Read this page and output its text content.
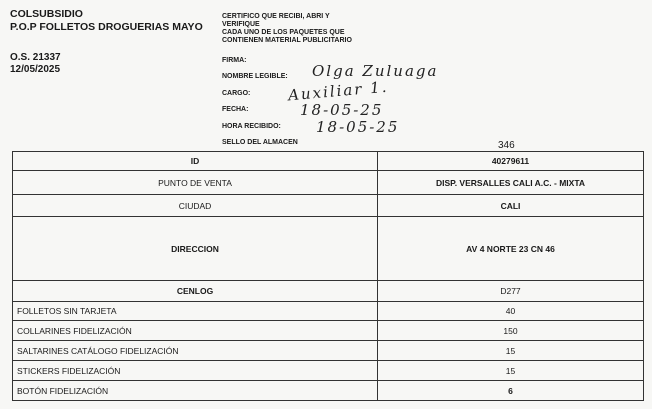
COLSUBSIDIO
P.O.P FOLLETOS DROGUERIAS MAYO
O.S. 21337
12/05/2025

CERTIFICO QUE RECIBI, ABRI Y

VERIFIQUE

CADA UNO DE LOS PAQUETES QUE

CONTIENEN MATERIAL PUBLICITARIO

FIRMA:
NOMBRE LEGIBLE:
CARGO:
FECHA:
HORA RECIBIDO:
SELLO DEL ALMACEN
Olga Zuluaga
Auxiliar 1.
18-05-25
18-05-25
346
ID	40279611
PUNTO DE VENTA	DISP. VERSALLES CALI A.C. - MIXTA
CIUDAD	CALI
DIRECCION	AV 4 NORTE 23 CN 46
CENLOG	D277
FOLLETOS SIN TARJETA	40
COLLARINES FIDELIZACIÓN	150
SALTARINES CATÁLOGO FIDELIZACIÓN	15
STICKERS FIDELIZACIÓN	15
BOTÓN FIDELIZACIÓN	6
